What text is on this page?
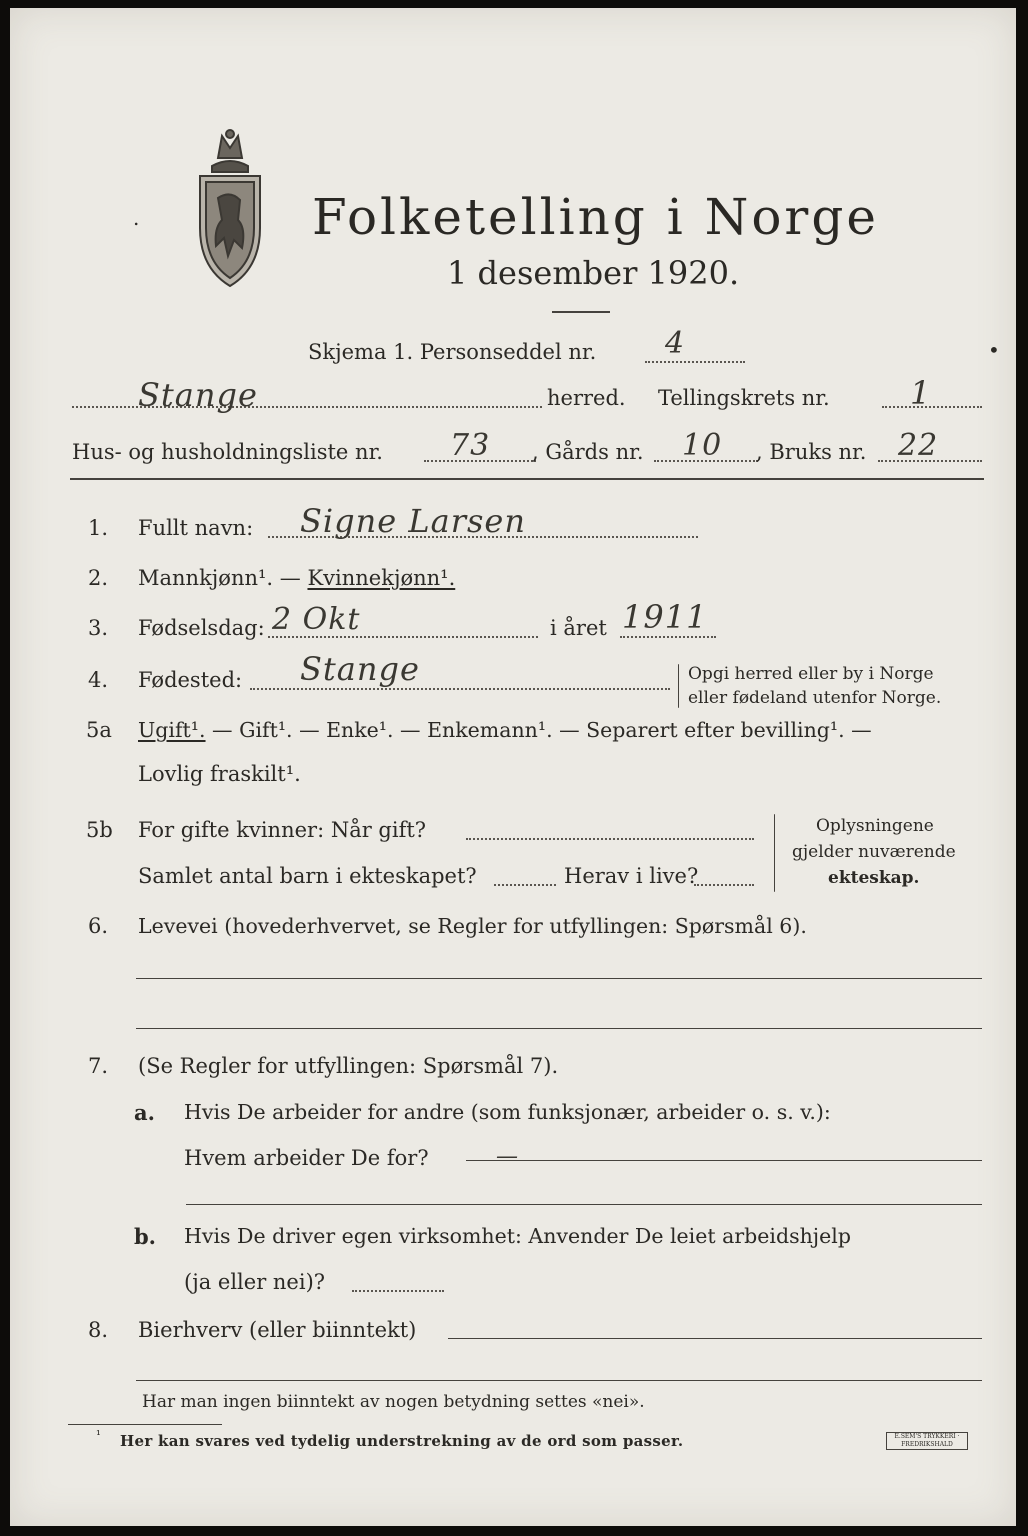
.	Folketelling i Norge
1 desember 1920.
Skjema 1. Personseddel nr. 4	•
Stange	herred. Tellingskrets nr.	1
Hus- og husholdningsliste nr. 73 , Gårds nr. 10 , Bruks nr. 22
1. Fullt navn: Signe Larsen
2. Mannkjønn¹. — Kvinnekjønn¹.
3. Fødselsdag: 2 Okt	i året 1911
4. Fødested: Stange	Opgi herred eller by i Norge
eller fødeland utenfor Norge.
5a Ugift¹. — Gift¹. — Enke¹. — Enkemann¹. — Separert efter bevilling¹. —
Lovlig fraskilt¹.
5b For gifte kvinner: Når gift?
Samlet antal barn i ekteskapet?	Herav i live?
Oplysningene
gjelder nuværende
ekteskap.
6. Levevei (hovederhvervet, se Regler for utfyllingen: Spørsmål 6).
7. (Se Regler for utfyllingen: Spørsmål 7).
a. Hvis De arbeider for andre (som funksjonær, arbeider o. s. v.):
Hvem arbeider De for?	—
b. Hvis De driver egen virksomhet: Anvender De leiet arbeidshjelp
(ja eller nei)?
8. Bierhverv (eller biinntekt)
Har man ingen biinntekt av nogen betydning settes «nei».
¹ Her kan svares ved tydelig understrekning av de ord som passer.	E.SEM'S TRYKKERI · FREDRIKSHALD
